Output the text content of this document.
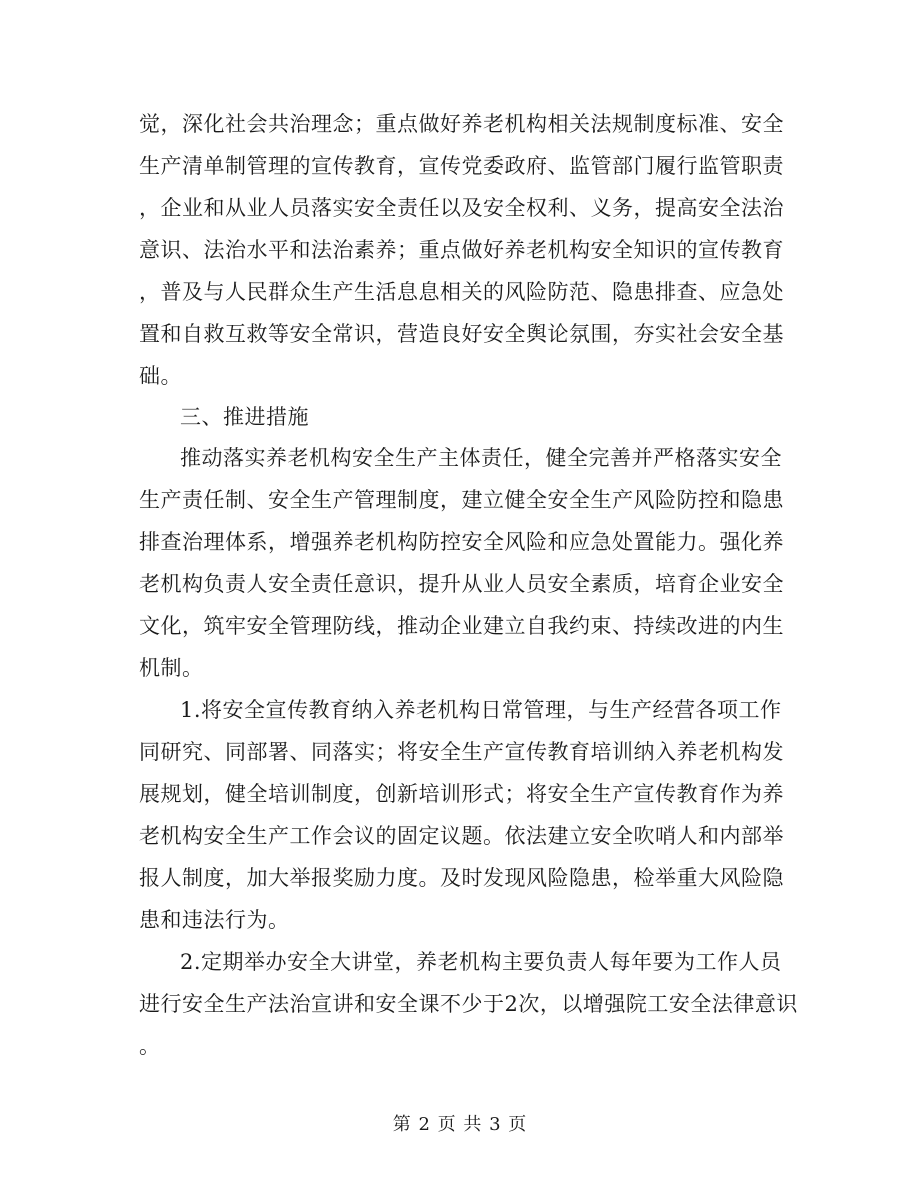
觉，深化社会共治理念；重点做好养老机构相关法规制度标准、安全
生产清单制管理的宣传教育，宣传党委政府、监管部门履行监管职责
，企业和从业人员落实安全责任以及安全权利、义务，提高安全法治
意识、法治水平和法治素养；重点做好养老机构安全知识的宣传教育
，普及与人民群众生产生活息息相关的风险防范、隐患排查、应急处
置和自救互救等安全常识，营造良好安全舆论氛围，夯实社会安全基
础。
三、推进措施
推动落实养老机构安全生产主体责任，健全完善并严格落实安全
生产责任制、安全生产管理制度，建立健全安全生产风险防控和隐患
排查治理体系，增强养老机构防控安全风险和应急处置能力。强化养
老机构负责人安全责任意识，提升从业人员安全素质，培育企业安全
文化，筑牢安全管理防线，推动企业建立自我约束、持续改进的内生
机制。
1.将安全宣传教育纳入养老机构日常管理，与生产经营各项工作
同研究、同部署、同落实；将安全生产宣传教育培训纳入养老机构发
展规划，健全培训制度，创新培训形式；将安全生产宣传教育作为养
老机构安全生产工作会议的固定议题。依法建立安全吹哨人和内部举
报人制度，加大举报奖励力度。及时发现风险隐患，检举重大风险隐
患和违法行为。
2.定期举办安全大讲堂，养老机构主要负责人每年要为工作人员
进行安全生产法治宣讲和安全课不少于2次，以增强院工安全法律意识
。
第 2 页 共 3 页
